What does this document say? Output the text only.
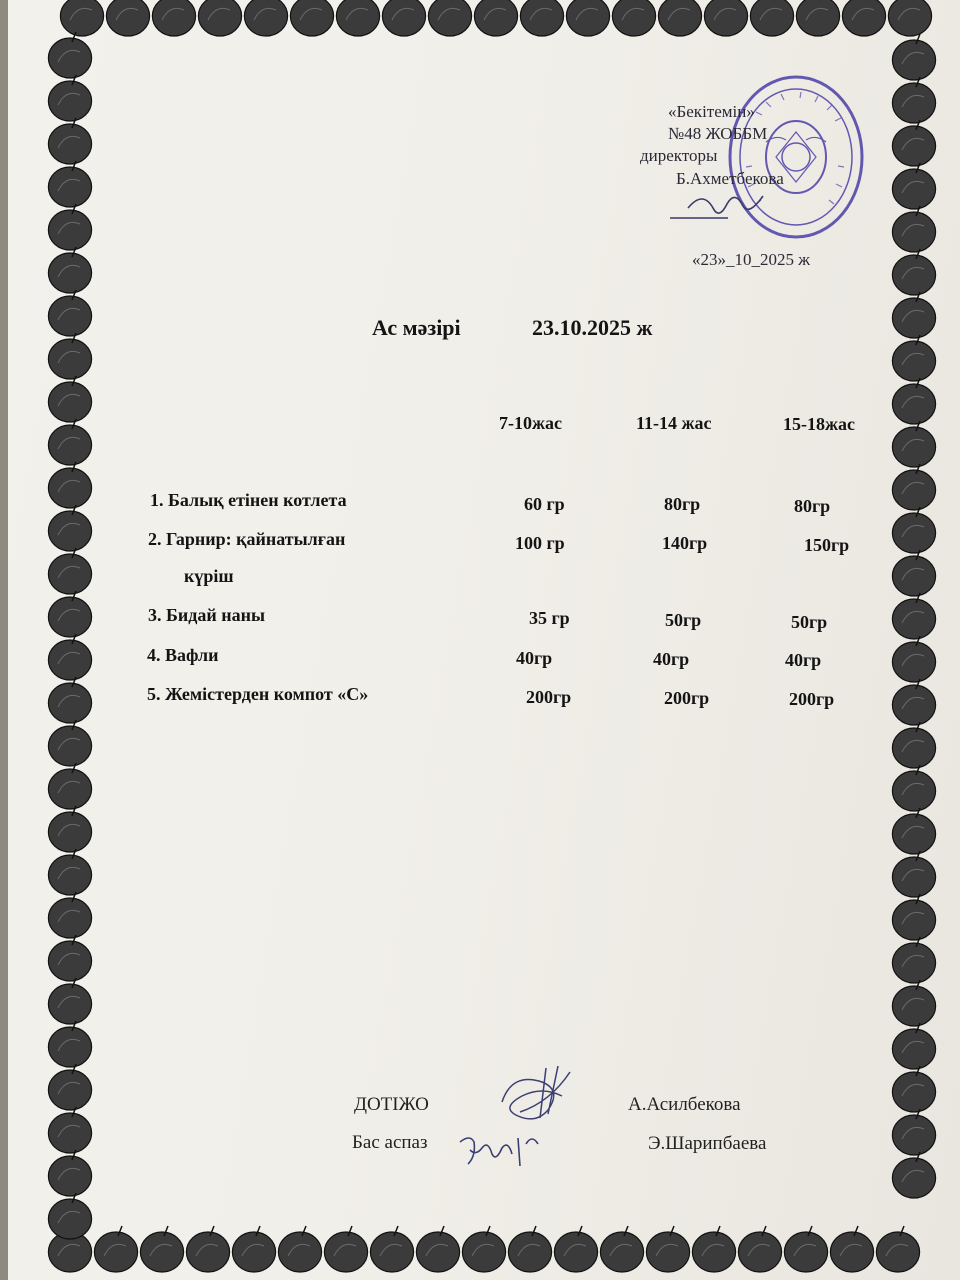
«Бекітемін»
№48 ЖОББМ
директоры
Б.Ахметбекова
«23»_10_2025 ж
Ас мәзірі	23.10.2025 ж
7-10жас	11-14 жас	15-18жас
1. Балық етінен котлета	60 гр	80гр	80гр
2. Гарнир: қайнатылған
күріш
100 гр	140гр	150гр
3. Бидай наны	35 гр	50гр	50гр
4. Вафли	40гр	40гр	40гр
5. Жемістерден компот «С»	200гр	200гр	200гр
ДОТІЖО	А.Асилбекова
Бас аспаз	Э.Шарипбаева
